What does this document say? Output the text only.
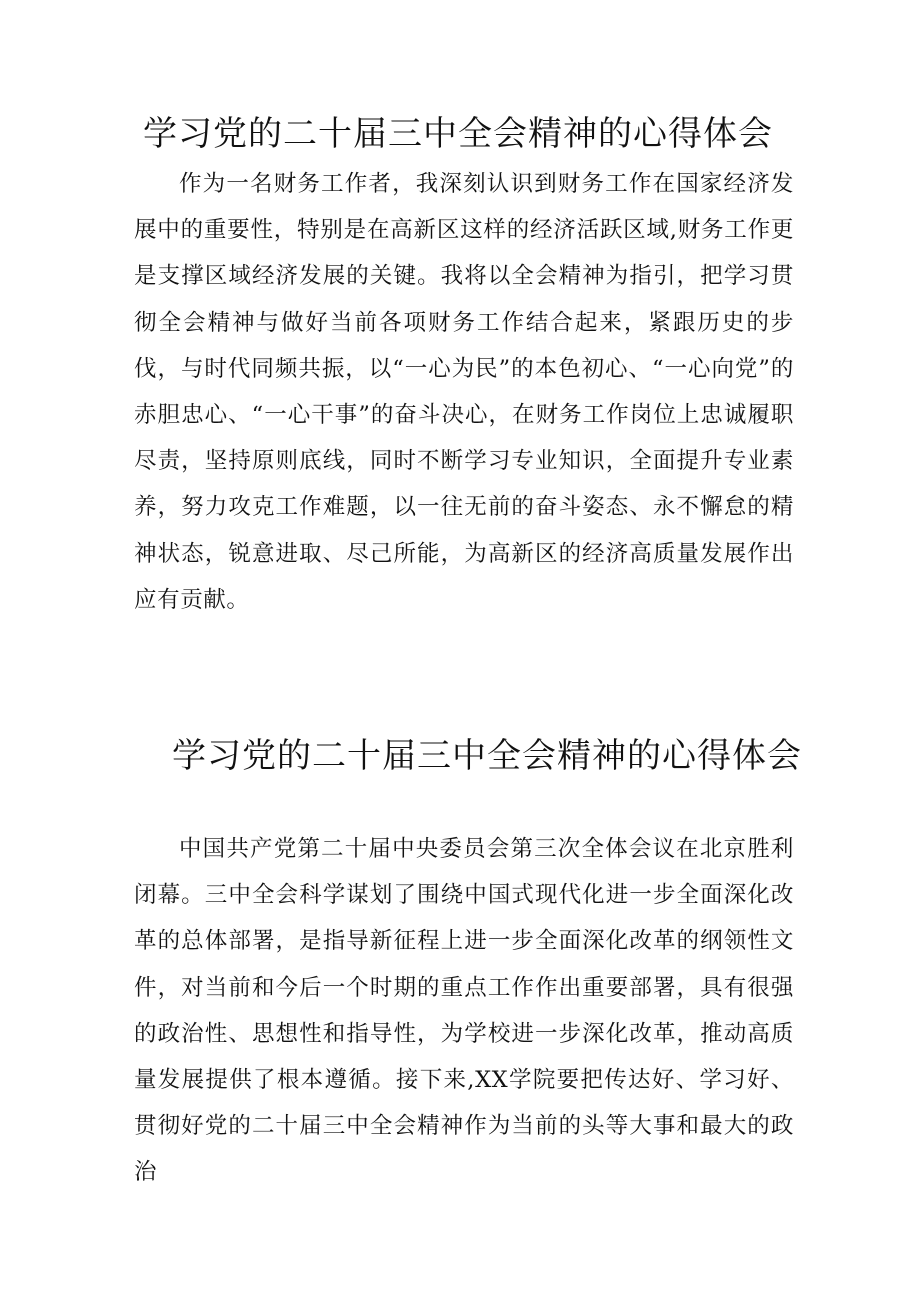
学习党的二十届三中全会精神的心得体会

作为一名财务工作者，我深刻认识到财务工作在国家经济发展中的重要性，特别是在高新区这样的经济活跃区域,财务工作更是支撑区域经济发展的关键。我将以全会精神为指引，把学习贯彻全会精神与做好当前各项财务工作结合起来，紧跟历史的步伐，与时代同频共振，以“一心为民”的本色初心、“一心向党”的赤胆忠心、“一心干事”的奋斗决心，在财务工作岗位上忠诚履职尽责，坚持原则底线，同时不断学习专业知识，全面提升专业素养，努力攻克工作难题，以一往无前的奋斗姿态、永不懈怠的精神状态，锐意进取、尽己所能，为高新区的经济高质量发展作出应有贡献。

学习党的二十届三中全会精神的心得体会

中国共产党第二十届中央委员会第三次全体会议在北京胜利闭幕。三中全会科学谋划了围绕中国式现代化进一步全面深化改革的总体部署，是指导新征程上进一步全面深化改革的纲领性文件，对当前和今后一个时期的重点工作作出重要部署，具有很强的政治性、思想性和指导性，为学校进一步深化改革，推动高质量发展提供了根本遵循。接下来,XX学院要把传达好、学习好、贯彻好党的二十届三中全会精神作为当前的头等大事和最大的政治
